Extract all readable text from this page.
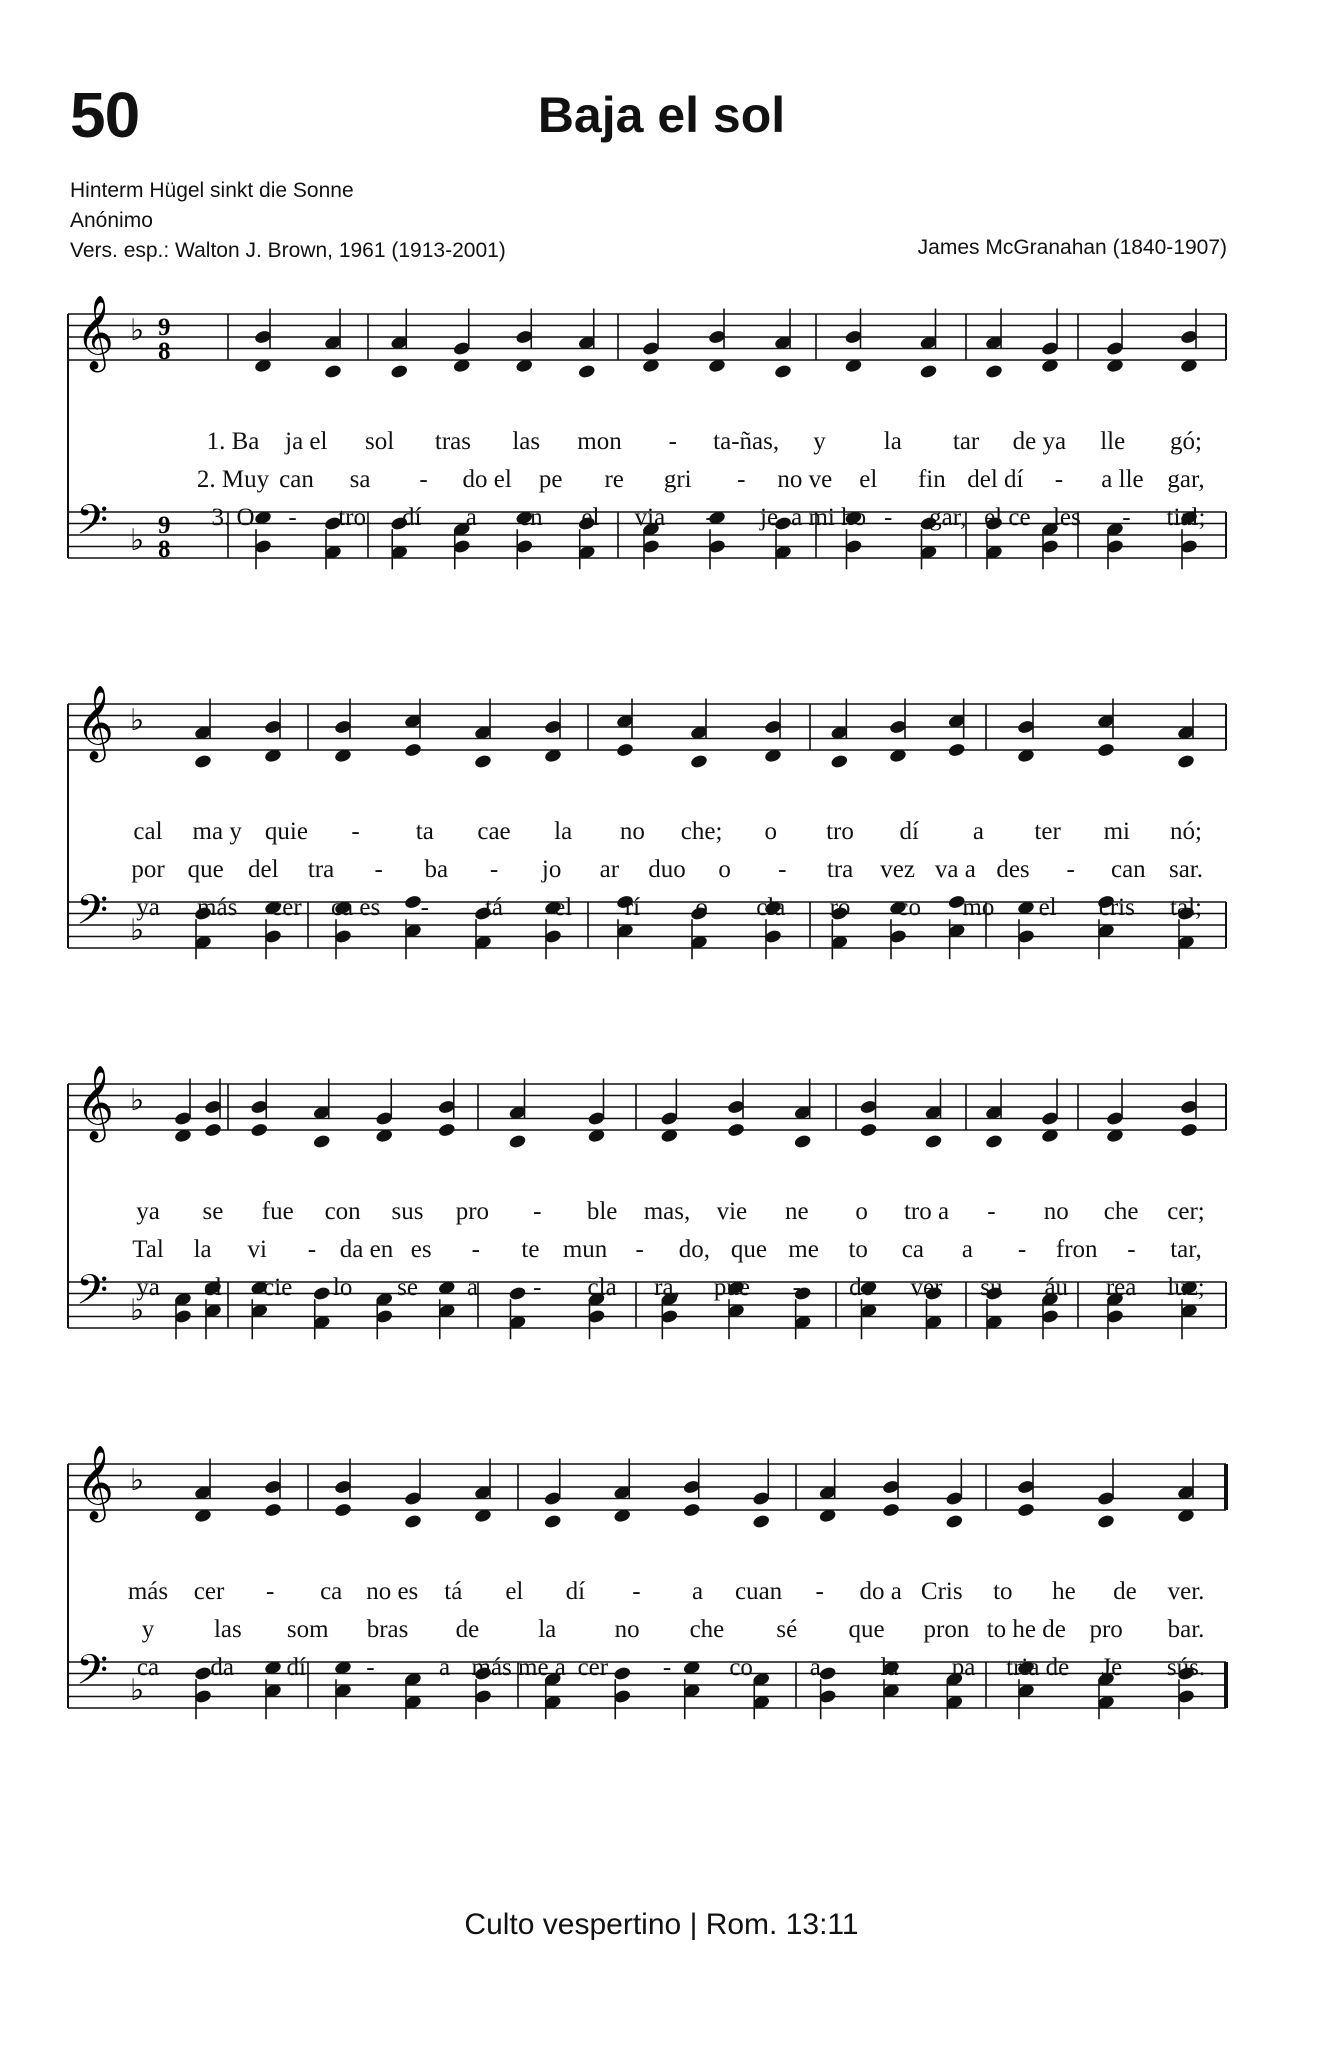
50	Baja el sol
Hinterm Hügel sinkt die Sonne
Anónimo
Vers. esp.: Walton J. Brown, 1961 (1913-2001)	James McGranahan (1840-1907)
𝄞 ♭ 9
8
𝄢 ♭ 9
8
1. Ba ja el sol tras las mon - ta-ñas, y la tar de ya lle gó;
2. Muy can sa - do el pe re gri - no ve el fin del dí - a lle gar,
3. O - tro dí a en el via - je a mi ho - gar, el ce les - tial;
𝄞 ♭
𝄢 ♭
cal ma y quie - ta cae la no che; o tro dí a ter mi nó;
por que del tra - ba - jo ar duo o - tra vez va a des - can sar.
ya más cer ca es - tá el rí o cla ro co mo el cris tal;
𝄞 ♭
𝄢 ♭
ya se fue con sus pro - ble mas, vie ne o tro a - no che cer;
Tal la vi - da en es - te mun - do, que me to ca a - fron - tar,
ya el cie lo se a - cla ra, pue - do ver su áu rea luz;
𝄞 ♭
𝄢 ♭
más cer - ca no es tá el dí - a cuan - do a Cris to he de ver.
y las som bras de la no che sé que pron to he de pro bar.
ca da dí -	a más me a cer - co a la pa tria de Je sús.
Culto vespertino | Rom. 13:11
